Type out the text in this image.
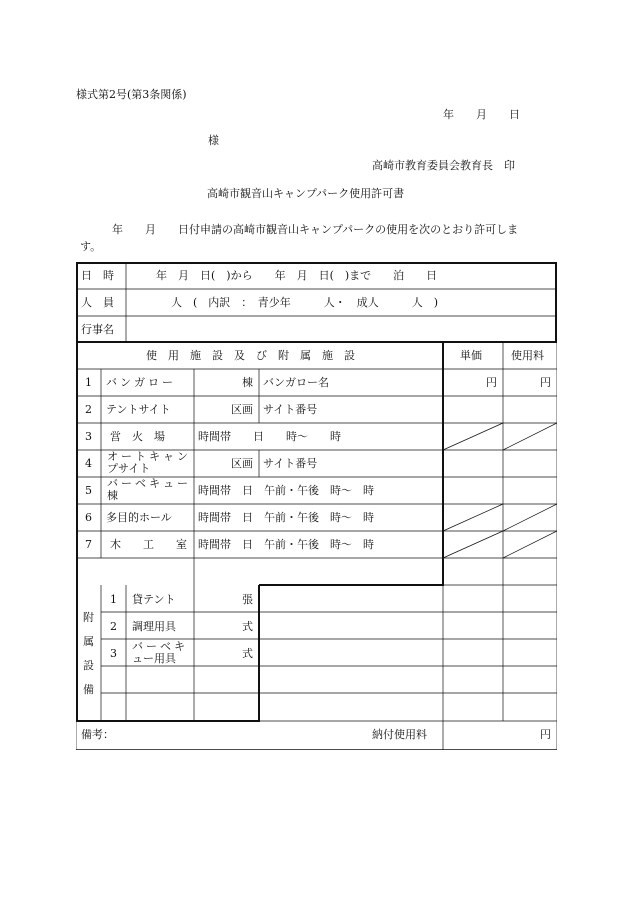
様式第2号(第3条関係)
年　　月　　日
様
高崎市教育委員会教育長　印
高崎市観音山キャンプパーク使用許可書
年　　月　　日付申請の高崎市観音山キャンプパークの使用を次のとおり許可しま
す。
日　時	年　月　日(　)から　　年　月　日(　)まで　　泊　　日
人　員	人　(　内訳　：　青少年　　　人・　成人　　　人　)
行事名
使　用　施　設　及　び　附　属　施　設	単価	使用料
1 バンガロー	棟 バンガロー名	円	円
2 テントサイト	区画 サイト番号
3 営　火　場	時間帯　　日　　時〜　　時
4
オートキャン
プサイト	区画 サイト番号
5
バーベキュー
棟	時間帯　日　午前・午後　時〜　時
6 多目的ホール 時間帯　日　午前・午後　時〜　時
7 木　　工　　室 時間帯　日　午前・午後　時〜　時
附
属
設
備
1 貸テント	張
2 調理用具	式
3
バーベキ
ュー用具	式
備考：	納付使用料	円
